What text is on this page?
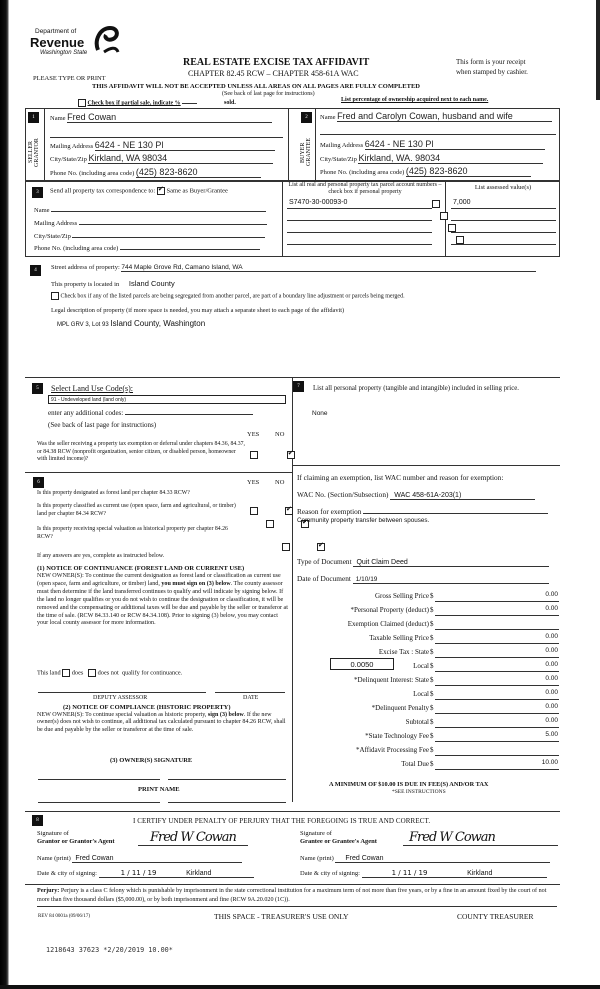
Department of
Revenue
Washington State
PLEASE TYPE OR PRINT
REAL ESTATE EXCISE TAX AFFIDAVIT
CHAPTER 82.45 RCW – CHAPTER 458-61A WAC
This form is your receipt
when stamped by cashier.
THIS AFFIDAVIT WILL NOT BE ACCEPTED UNLESS ALL AREAS ON ALL PAGES ARE FULLY COMPLETED
(See back of last page for instructions)
Check box if partial sale, indicate %	sold.	List percentage of ownership acquired next to each name.
1
SELLER
GRANTOR
Name Fred Cowan
Mailing Address 6424 - NE 130 Pl
City/State/Zip Kirkland, WA 98034
Phone No. (including area code) (425) 823-8620
2
BUYER
GRANTEE
Name Fred and Carolyn Cowan, husband and wife
Mailing Address 6424 - NE 130 Pl
City/State/Zip Kirkland, WA. 98034
Phone No. (including area code) (425) 823-8620
3	Send all property tax correspondence to: ✔ Same as Buyer/Grantee
Name
Mailing Address
City/State/Zip
Phone No. (including area code)
List all real and personal property tax parcel account numbers – check box if personal property
List assessed value(s)
S7470-30-00093-0	7,000
4	Street address of property: 744 Maple Grove Rd, Camano Island, WA
This property is located in Island County
Check box if any of the listed parcels are being segregated from another parcel, are part of a boundary line adjustment or parcels being merged.
Legal description of property (if more space is needed, you may attach a separate sheet to each page of the affidavit)
MPL GRV 3, Lot 93 Island County, Washington
5	Select Land Use Code(s):
91 - Undeveloped land (land only)
enter any additional codes:
(See back of last page for instructions)
YES NO
Was the seller receiving a property tax exemption or deferral under chapters 84.36, 84.37, or 84.38 RCW (nonprofit organization, senior citizen, or disabled person, homeowner with limited income)?
✔
6	YES NO
Is this property designated as forest land per chapter 84.33 RCW?
✔
Is this property classified as current use (open space, farm and agricultural, or timber) land per chapter 84.34 RCW?
✔
Is this property receiving special valuation as historical property per chapter 84.26 RCW?
✔
If any answers are yes, complete as instructed below.
(1) NOTICE OF CONTINUANCE (FOREST LAND OR CURRENT USE)
NEW OWNER(S): To continue the current designation as forest land or classification as current use (open space, farm and agriculture, or timber) land, you must sign on (3) below. The county assessor must then determine if the land transferred continues to qualify and will indicate by signing below. If the land no longer qualifies or you do not wish to continue the designation or classification, it will be removed and the compensating or additional taxes will be due and payable by the seller or transferor at the time of sale. (RCW 84.33.140 or RCW 84.34.108). Prior to signing (3) below, you may contact your local county assessor for more information.
This land does does not qualify for continuance.
DEPUTY ASSESSOR	DATE
(2) NOTICE OF COMPLIANCE (HISTORIC PROPERTY)
NEW OWNER(S): To continue special valuation as historic property, sign (3) below. If the new owner(s) does not wish to continue, all additional tax calculated pursuant to chapter 84.26 RCW, shall be due and payable by the seller or transferor at the time of sale.
(3) OWNER(S) SIGNATURE
PRINT NAME
7	List all personal property (tangible and intangible) included in selling price.
None
If claiming an exemption, list WAC number and reason for exemption:
WAC No. (Section/Subsection) WAC 458-61A-203(1)
Reason for exemption
Community property transfer between spouses.
Type of Document Quit Claim Deed
Date of Document 1/10/19
0.0050
Gross Selling Price $	0.00
*Personal Property (deduct) $	0.00
Exemption Claimed (deduct) $
Taxable Selling Price $	0.00
Excise Tax : State $	0.00
Local $	0.00
*Delinquent Interest: State $	0.00
Local $	0.00
*Delinquent Penalty $	0.00
Subtotal $	0.00
*State Technology Fee $	5.00
*Affidavit Processing Fee $
Total Due $	10.00
A MINIMUM OF $10.00 IS DUE IN FEE(S) AND/OR TAX
*SEE INSTRUCTIONS
8	I CERTIFY UNDER PENALTY OF PERJURY THAT THE FOREGOING IS TRUE AND CORRECT.
Signature of
Grantor or Grantor's Agent	Fred W Cowan	Signature of
Grantee or Grantee's Agent	Fred W Cowan
Name (print) Fred Cowan	Name (print) Fred Cowan
Date & city of signing:	1 / 11 / 19	Kirkland	Date & city of signing:	1 / 11 / 19	Kirkland
Perjury: Perjury is a class C felony which is punishable by imprisonment in the state correctional institution for a maximum term of not more than five years, or by a fine in an amount fixed by the court of not more than five thousand dollars ($5,000.00), or by both imprisonment and fine (RCW 9A.20.020 (1C)).
REV 84 0001a (09/06/17)	THIS SPACE - TREASURER'S USE ONLY	COUNTY TREASURER
1218643 37623 *2/20/2019 10.00*
